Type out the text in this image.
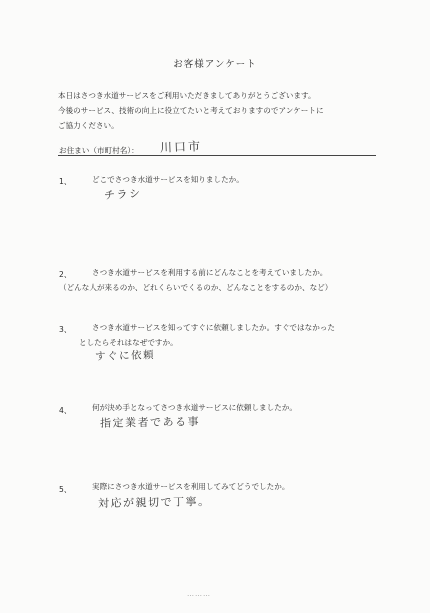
お客様アンケート
本日はさつき水道サービスをご利用いただきましてありがとうございます。
今後のサービス、技術の向上に役立てたいと考えておりますのでアンケートに
ご協力ください。
お住まい（市町村名）： 川口市
1、	どこでさつき水道サービスを知りましたか。
チラシ
2、	さつき水道サービスを利用する前にどんなことを考えていましたか。
（どんな人が来るのか、どれくらいでくるのか、どんなことをするのか、など）
3、	さつき水道サービスを知ってすぐに依頼しましたか。すぐではなかった
としたらそれはなぜですか。
すぐに依頼
4、	何が決め手となってさつき水道サービスに依頼しましたか。
指定業者である事
5、	実際にさつき水道サービスを利用してみてどうでしたか。
対応が親切で丁寧。
………
